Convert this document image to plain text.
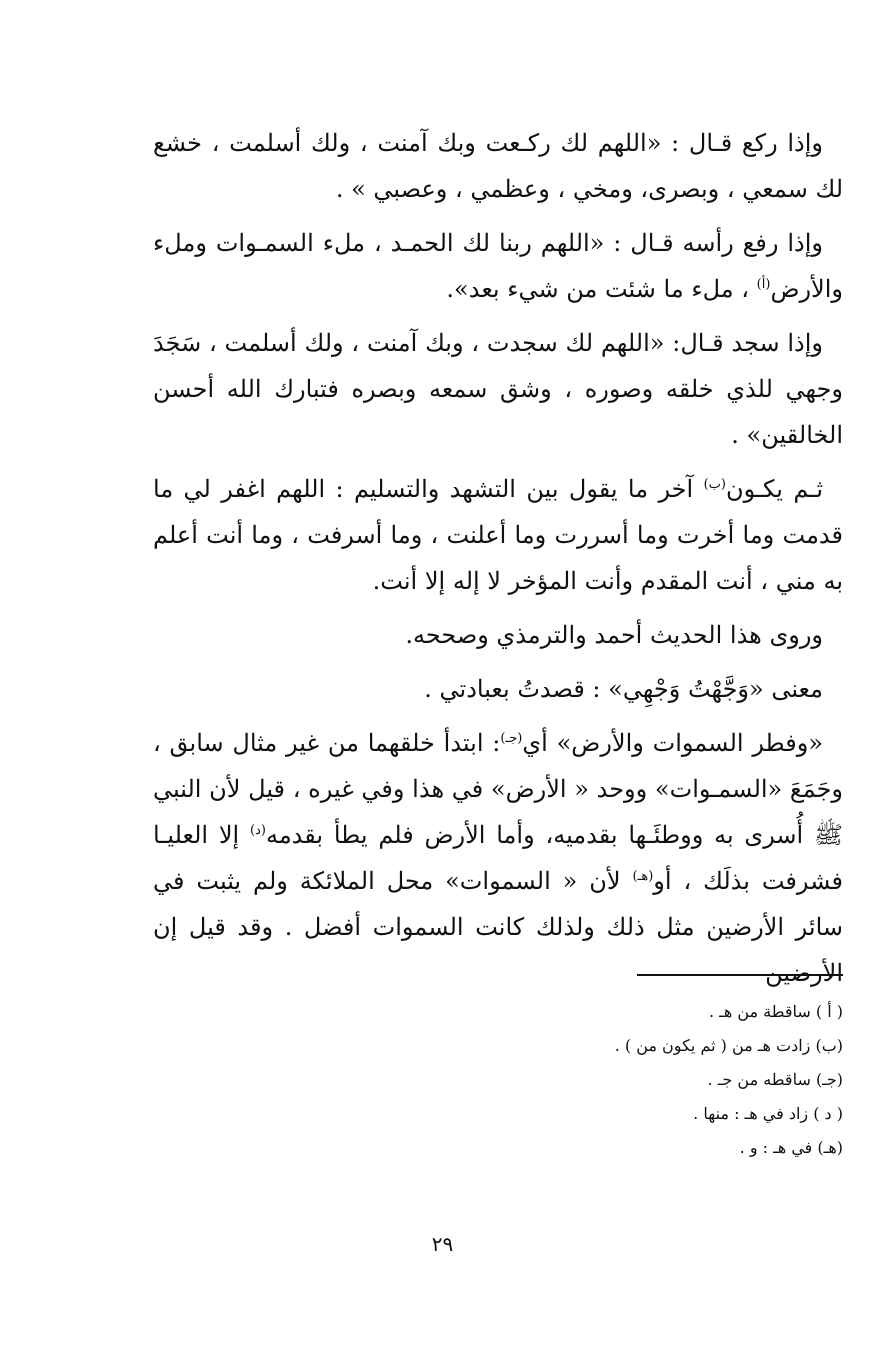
وإذا ركع قـال : «اللهم لك ركـعت وبك آمنت ، ولك أسلمت ، خشع لك سمعي ، وبصرى، ومخي ، وعظمي ، وعصبي » .

وإذا رفع رأسه قـال : «اللهم ربنا لك الحمـد ، ملء السمـوات وملء والأرض$^{(أ)}$ ، ملء ما شئت من شيء بعد».

وإذا سجد قـال: «اللهم لك سجدت ، وبك آمنت ، ولك أسلمت ، سَجَدَ وجهي للذي خلقه وصوره ، وشق سمعه وبصره فتبارك الله أحسن الخالقين» .

ثـم يكـون$^{(ب)}$ آخر ما يقول بين التشهد والتسليم : اللهم اغفر لي ما قدمت وما أخرت وما أسررت وما أعلنت ، وما أسرفت ، وما أنت أعلم به مني ، أنت المقدم وأنت المؤخر لا إله إلا أنت.

وروى هذا الحديث أحمد والترمذي وصححه.

معنى «وَجَّهْتُ وَجْهِي» : قصدتُ بعبادتي .

«وفطر السموات والأرض» أي$^{(جـ)}$: ابتدأ خلقهما من غير مثال سابق ، وجَمَعَ «السمـوات» ووحد « الأرض» في هذا وفي غيره ، قيل لأن النبي ﷺ أُسرى به ووطئَـها بقدميه، وأما الأرض فلم يطأ بقدمه$^{(د)}$ إلا العليـا فشرفت بذلَك ، أو$^{(هـ)}$ لأن « السموات» محل الملائكة ولم يثبت في سائر الأرضين مثل ذلك ولذلك كانت السموات أفضل . وقد قيل إن الأرضين

( أ ) ساقطة من هـ .
(ب) زادت هـ من ( ثم يكون من ) .
(جـ) ساقطه من جـ .
( د ) زاد في هـ : منها .
(هـ) في هـ : و .
٢٩
